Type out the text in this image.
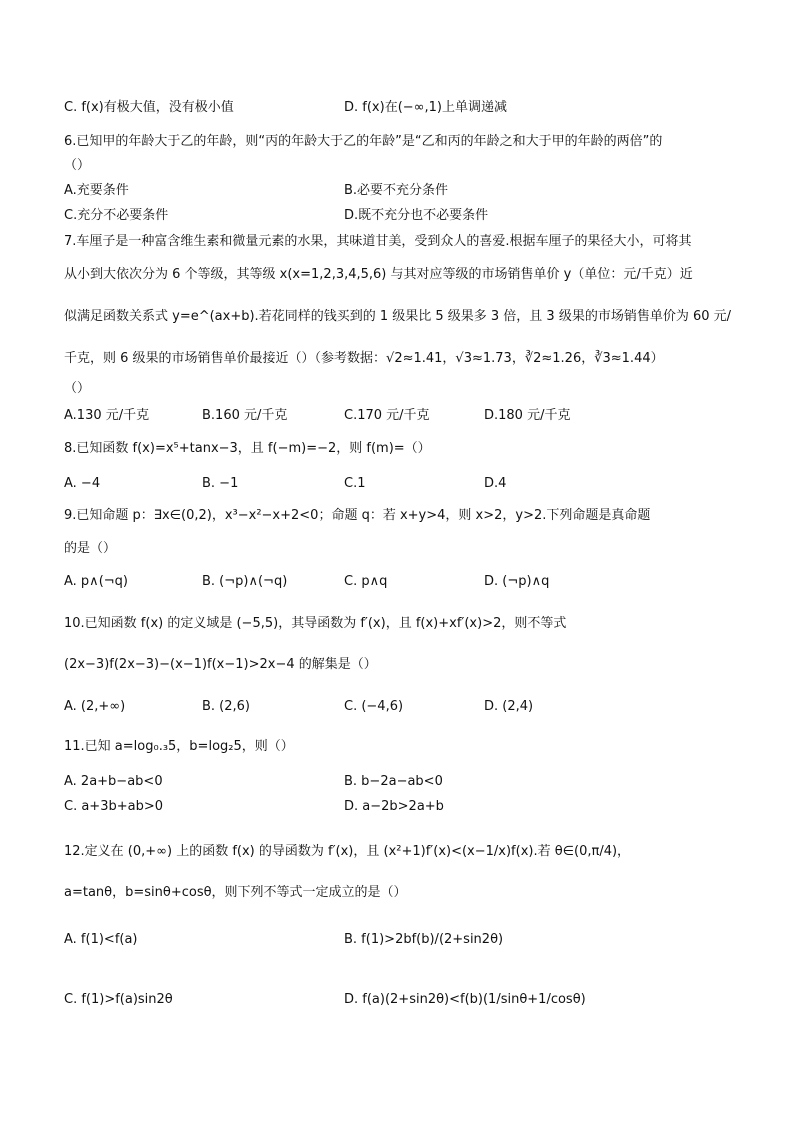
C. f(x)有极大值，没有极小值	D. f(x)在(−∞,1)上单调递减
6.已知甲的年龄大于乙的年龄，则“丙的年龄大于乙的年龄”是“乙和丙的年龄之和大于甲的年龄的两倍”的
（）
A.充要条件	B.必要不充分条件
C.充分不必要条件	D.既不充分也不必要条件
7.车厘子是一种富含维生素和微量元素的水果，其味道甘美，受到众人的喜爱.根据车厘子的果径大小，可将其
从小到大依次分为 6 个等级，其等级 x(x=1,2,3,4,5,6) 与其对应等级的市场销售单价 y（单位：元/千克）近
似满足函数关系式 y=e^(ax+b).若花同样的钱买到的 1 级果比 5 级果多 3 倍，且 3 级果的市场销售单价为 60 元/
千克，则 6 级果的市场销售单价最接近（）（参考数据：√2≈1.41，√3≈1.73，∛2≈1.26，∛3≈1.44）
（）
A.130 元/千克	B.160 元/千克	C.170 元/千克	D.180 元/千克
8.已知函数 f(x)=x⁵+tanx−3，且 f(−m)=−2，则 f(m)=（）
A. −4	B. −1	C.1	D.4
9.已知命题 p：∃x∈(0,2)，x³−x²−x+2<0；命题 q：若 x+y>4，则 x>2，y>2.下列命题是真命题
的是（）
A. p∧(¬q)	B. (¬p)∧(¬q)	C. p∧q	D. (¬p)∧q
10.已知函数 f(x) 的定义域是 (−5,5)，其导函数为 f′(x)，且 f(x)+xf′(x)>2，则不等式
(2x−3)f(2x−3)−(x−1)f(x−1)>2x−4 的解集是（）
A. (2,+∞)	B. (2,6)	C. (−4,6)	D. (2,4)
11.已知 a=log₀.₃5，b=log₂5，则（）
A. 2a+b−ab<0	B. b−2a−ab<0
C. a+3b+ab>0	D. a−2b>2a+b
12.定义在 (0,+∞) 上的函数 f(x) 的导函数为 f′(x)，且 (x²+1)f′(x)<(x−1/x)f(x).若 θ∈(0,π/4)，
a=tanθ，b=sinθ+cosθ，则下列不等式一定成立的是（）
A. f(1)<f(a)	B. f(1)>2bf(b)/(2+sin2θ)
C. f(1)>f(a)sin2θ	D. f(a)(2+sin2θ)<f(b)(1/sinθ+1/cosθ)
